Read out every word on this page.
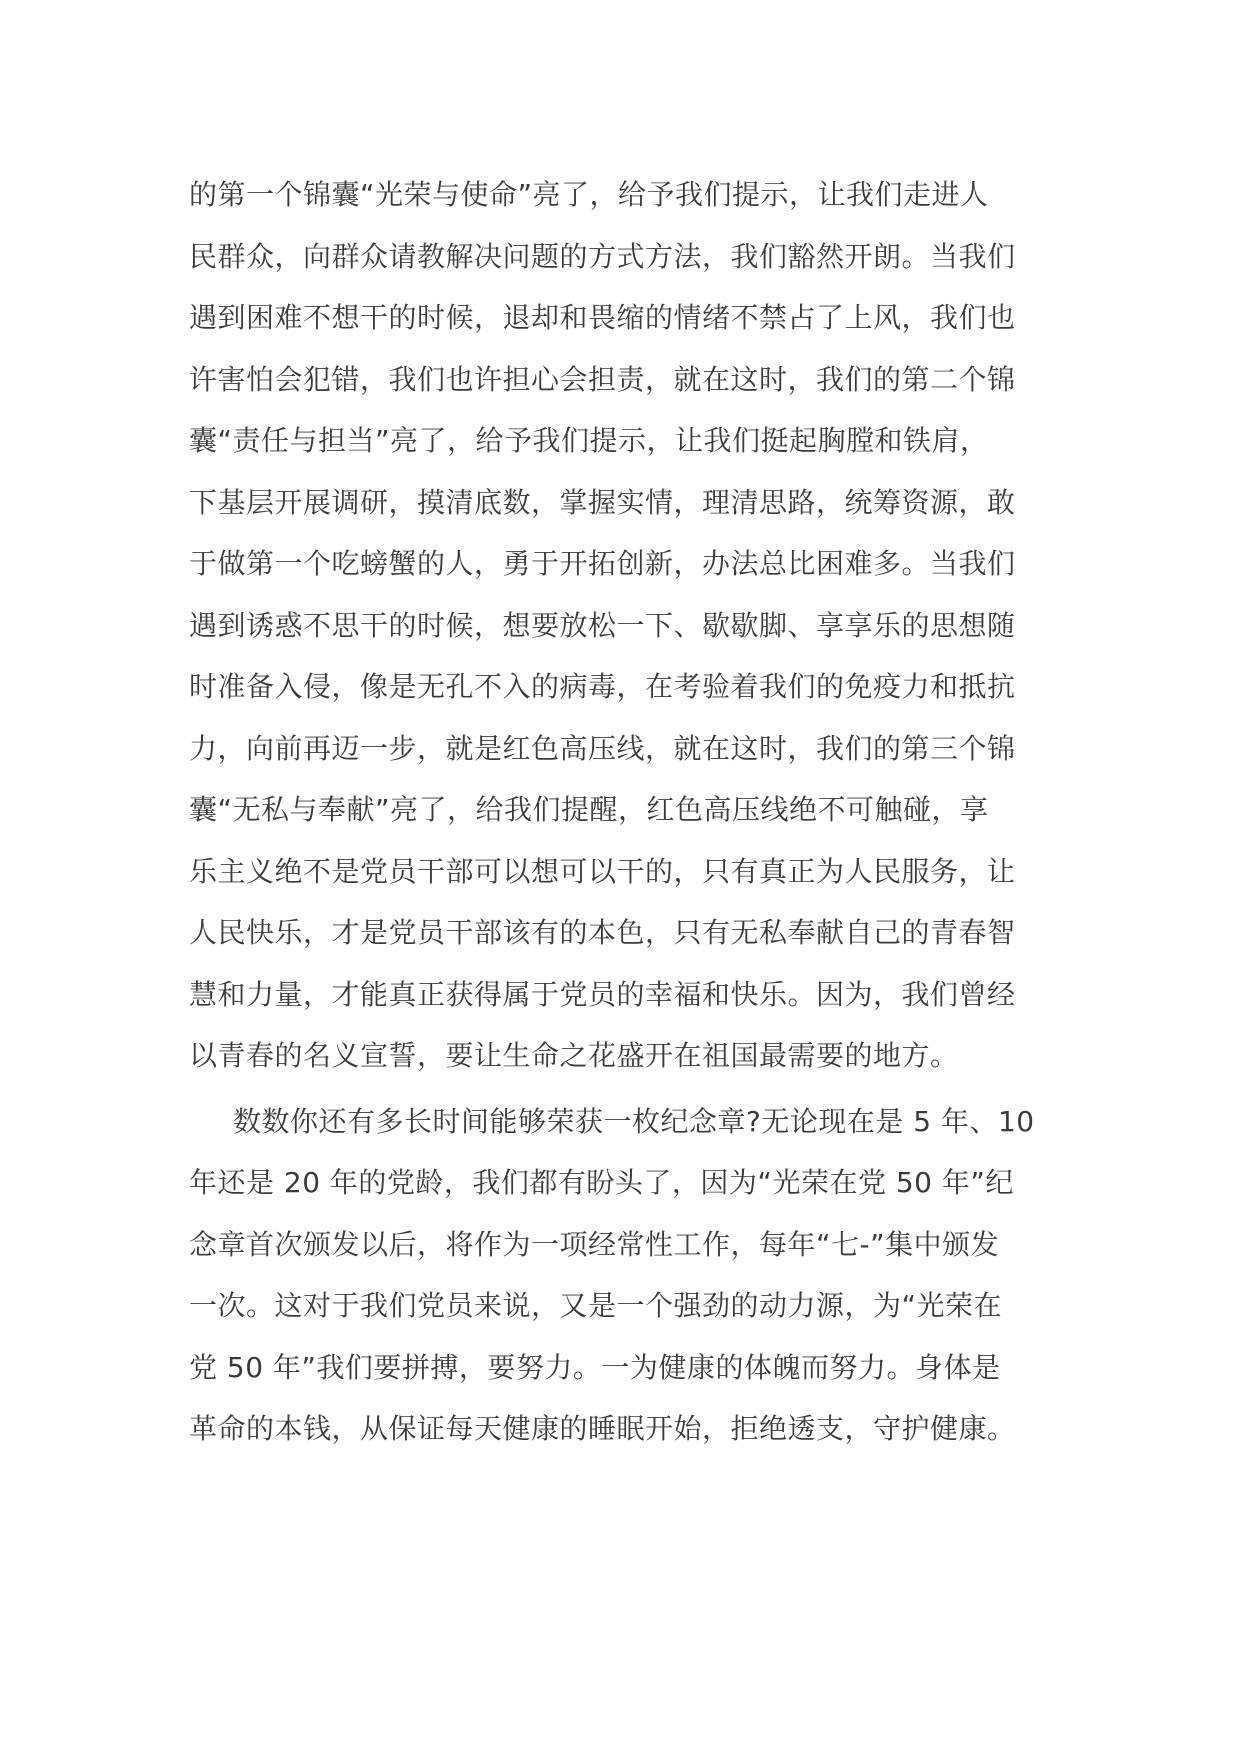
的第一个锦囊“光荣与使命”亮了，给予我们提示，让我们走进人

民群众，向群众请教解决问题的方式方法，我们豁然开朗。当我们

遇到困难不想干的时候，退却和畏缩的情绪不禁占了上风，我们也

许害怕会犯错，我们也许担心会担责，就在这时，我们的第二个锦

囊“责任与担当”亮了，给予我们提示，让我们挺起胸膛和铁肩，

下基层开展调研，摸清底数，掌握实情，理清思路，统筹资源，敢

于做第一个吃螃蟹的人，勇于开拓创新，办法总比困难多。当我们

遇到诱惑不思干的时候，想要放松一下、歇歇脚、享享乐的思想随

时准备入侵，像是无孔不入的病毒，在考验着我们的免疫力和抵抗

力，向前再迈一步，就是红色高压线，就在这时，我们的第三个锦

囊“无私与奉献”亮了，给我们提醒，红色高压线绝不可触碰，享

乐主义绝不是党员干部可以想可以干的，只有真正为人民服务，让

人民快乐，才是党员干部该有的本色，只有无私奉献自己的青春智

慧和力量，才能真正获得属于党员的幸福和快乐。因为，我们曾经

以青春的名义宣誓，要让生命之花盛开在祖国最需要的地方。

数数你还有多长时间能够荣获一枚纪念章?无论现在是 5 年、10

年还是 20 年的党龄，我们都有盼头了，因为“光荣在党 50 年”纪

念章首次颁发以后，将作为一项经常性工作，每年“七-”集中颁发

一次。这对于我们党员来说，又是一个强劲的动力源，为“光荣在

党 50 年”我们要拼搏，要努力。一为健康的体魄而努力。身体是

革命的本钱，从保证每天健康的睡眠开始，拒绝透支，守护健康。
